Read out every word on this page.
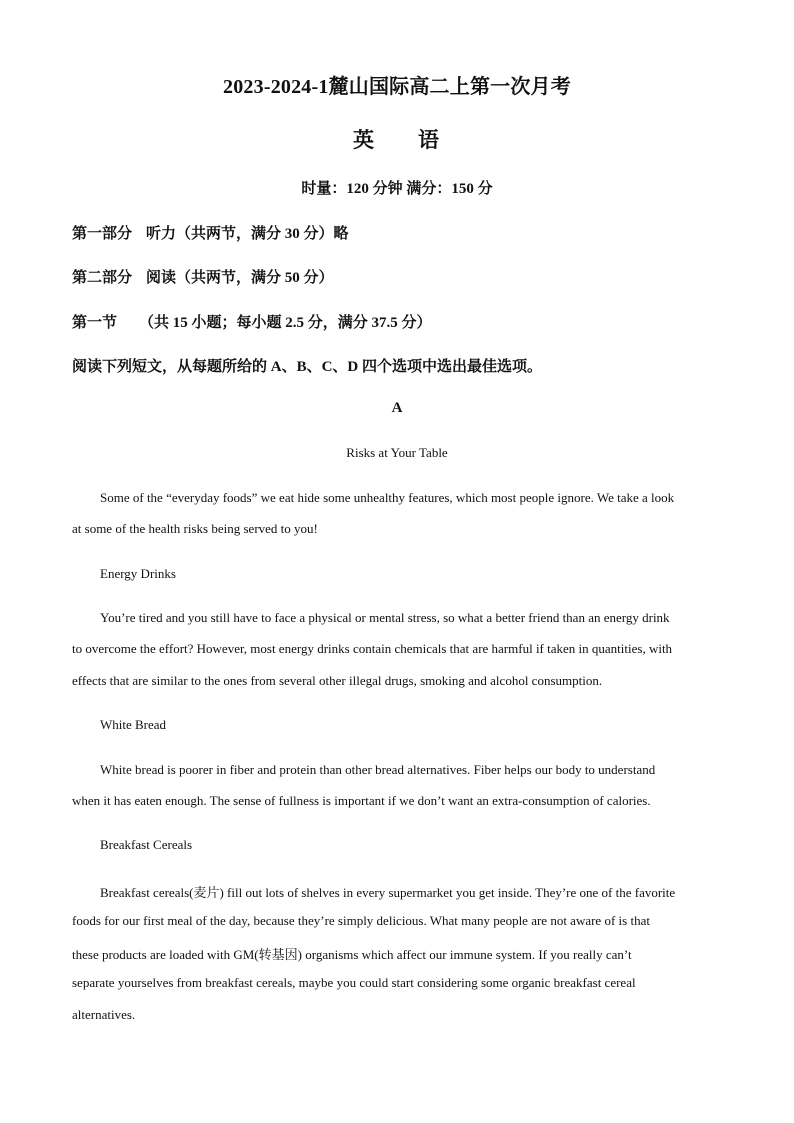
2023-2024-1麓山国际高二上第一次月考
英 语
时量：120 分钟 满分：150 分
第一部分 听力（共两节，满分 30 分）略
第二部分 阅读（共两节，满分 50 分）
第一节 （共 15 小题；每小题 2.5 分，满分 37.5 分）
阅读下列短文，从每题所给的 A、B、C、D 四个选项中选出最佳选项。
A
Risks at Your Table
Some of the “everyday foods” we eat hide some unhealthy features, which most people ignore. We take a look
at some of the health risks being served to you!
Energy Drinks
You’re tired and you still have to face a physical or mental stress, so what a better friend than an energy drink
to overcome the effort? However, most energy drinks contain chemicals that are harmful if taken in quantities, with
effects that are similar to the ones from several other illegal drugs, smoking and alcohol consumption.
White Bread
White bread is poorer in fiber and protein than other bread alternatives. Fiber helps our body to understand
when it has eaten enough. The sense of fullness is important if we don’t want an extra-consumption of calories.
Breakfast Cereals
Breakfast cereals(麦片) fill out lots of shelves in every supermarket you get inside. They’re one of the favorite
foods for our first meal of the day, because they’re simply delicious. What many people are not aware of is that
these products are loaded with GM(转基因) organisms which affect our immune system. If you really can’t
separate yourselves from breakfast cereals, maybe you could start considering some organic breakfast cereal
alternatives.
